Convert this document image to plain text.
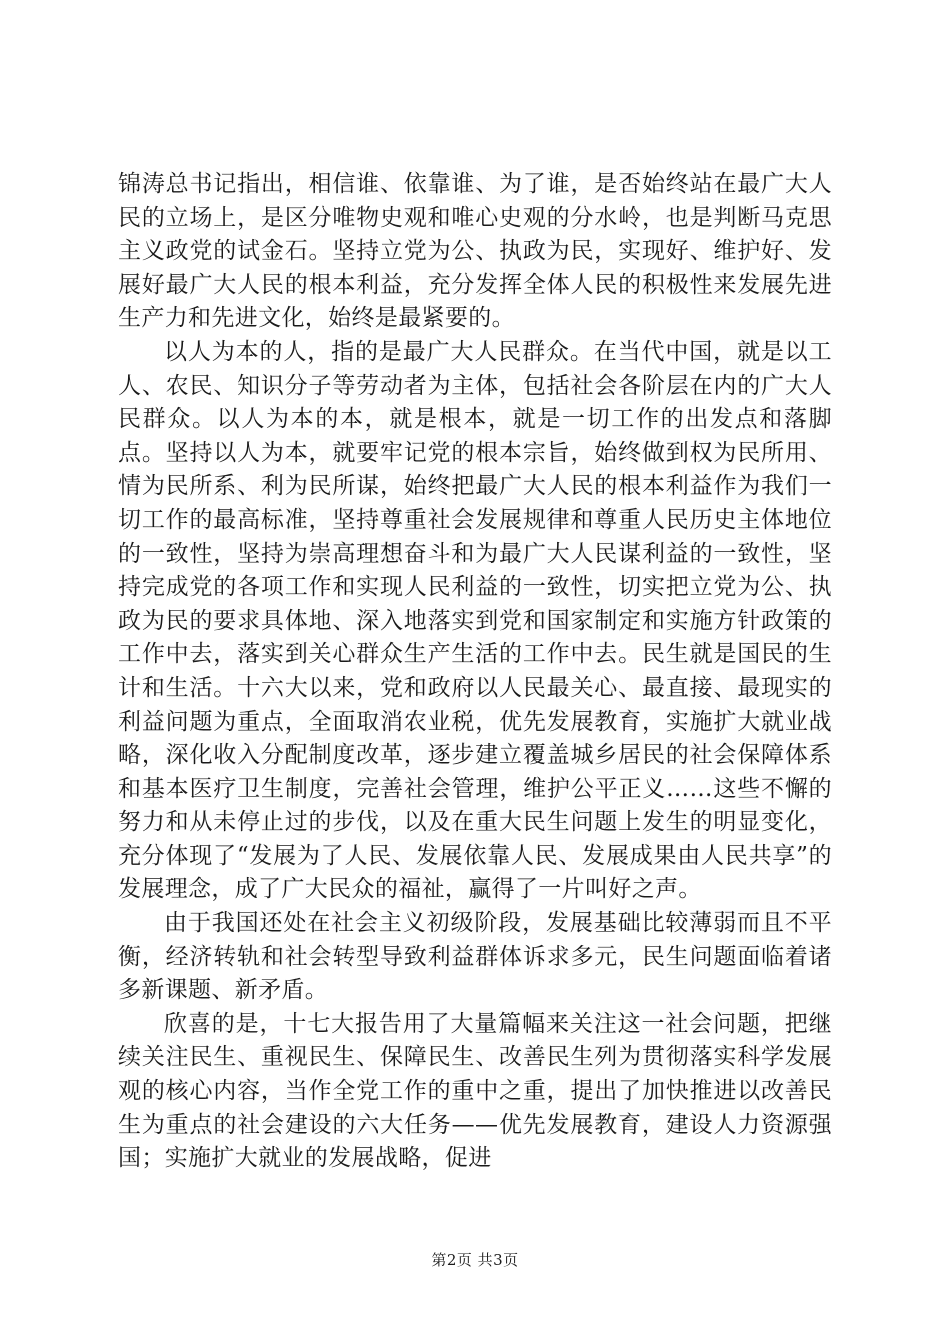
锦涛总书记指出，相信谁、依靠谁、为了谁，是否始终站在最广大人民的立场上，是区分唯物史观和唯心史观的分水岭，也是判断马克思主义政党的试金石。坚持立党为公、执政为民，实现好、维护好、发展好最广大人民的根本利益，充分发挥全体人民的积极性来发展先进生产力和先进文化，始终是最紧要的。

以人为本的人，指的是最广大人民群众。在当代中国，就是以工人、农民、知识分子等劳动者为主体，包括社会各阶层在内的广大人民群众。以人为本的本，就是根本，就是一切工作的出发点和落脚点。坚持以人为本，就要牢记党的根本宗旨，始终做到权为民所用、情为民所系、利为民所谋，始终把最广大人民的根本利益作为我们一切工作的最高标准，坚持尊重社会发展规律和尊重人民历史主体地位的一致性，坚持为崇高理想奋斗和为最广大人民谋利益的一致性，坚持完成党的各项工作和实现人民利益的一致性，切实把立党为公、执政为民的要求具体地、深入地落实到党和国家制定和实施方针政策的工作中去，落实到关心群众生产生活的工作中去。民生就是国民的生计和生活。十六大以来，党和政府以人民最关心、最直接、最现实的利益问题为重点，全面取消农业税，优先发展教育，实施扩大就业战略，深化收入分配制度改革，逐步建立覆盖城乡居民的社会保障体系和基本医疗卫生制度，完善社会管理，维护公平正义……这些不懈的努力和从未停止过的步伐，以及在重大民生问题上发生的明显变化，充分体现了“发展为了人民、发展依靠人民、发展成果由人民共享”的发展理念，成了广大民众的福祉，赢得了一片叫好之声。

由于我国还处在社会主义初级阶段，发展基础比较薄弱而且不平衡，经济转轨和社会转型导致利益群体诉求多元，民生问题面临着诸多新课题、新矛盾。

欣喜的是，十七大报告用了大量篇幅来关注这一社会问题，把继续关注民生、重视民生、保障民生、改善民生列为贯彻落实科学发展观的核心内容，当作全党工作的重中之重，提出了加快推进以改善民生为重点的社会建设的六大任务——优先发展教育，建设人力资源强国；实施扩大就业的发展战略，促进

第2页 共3页
